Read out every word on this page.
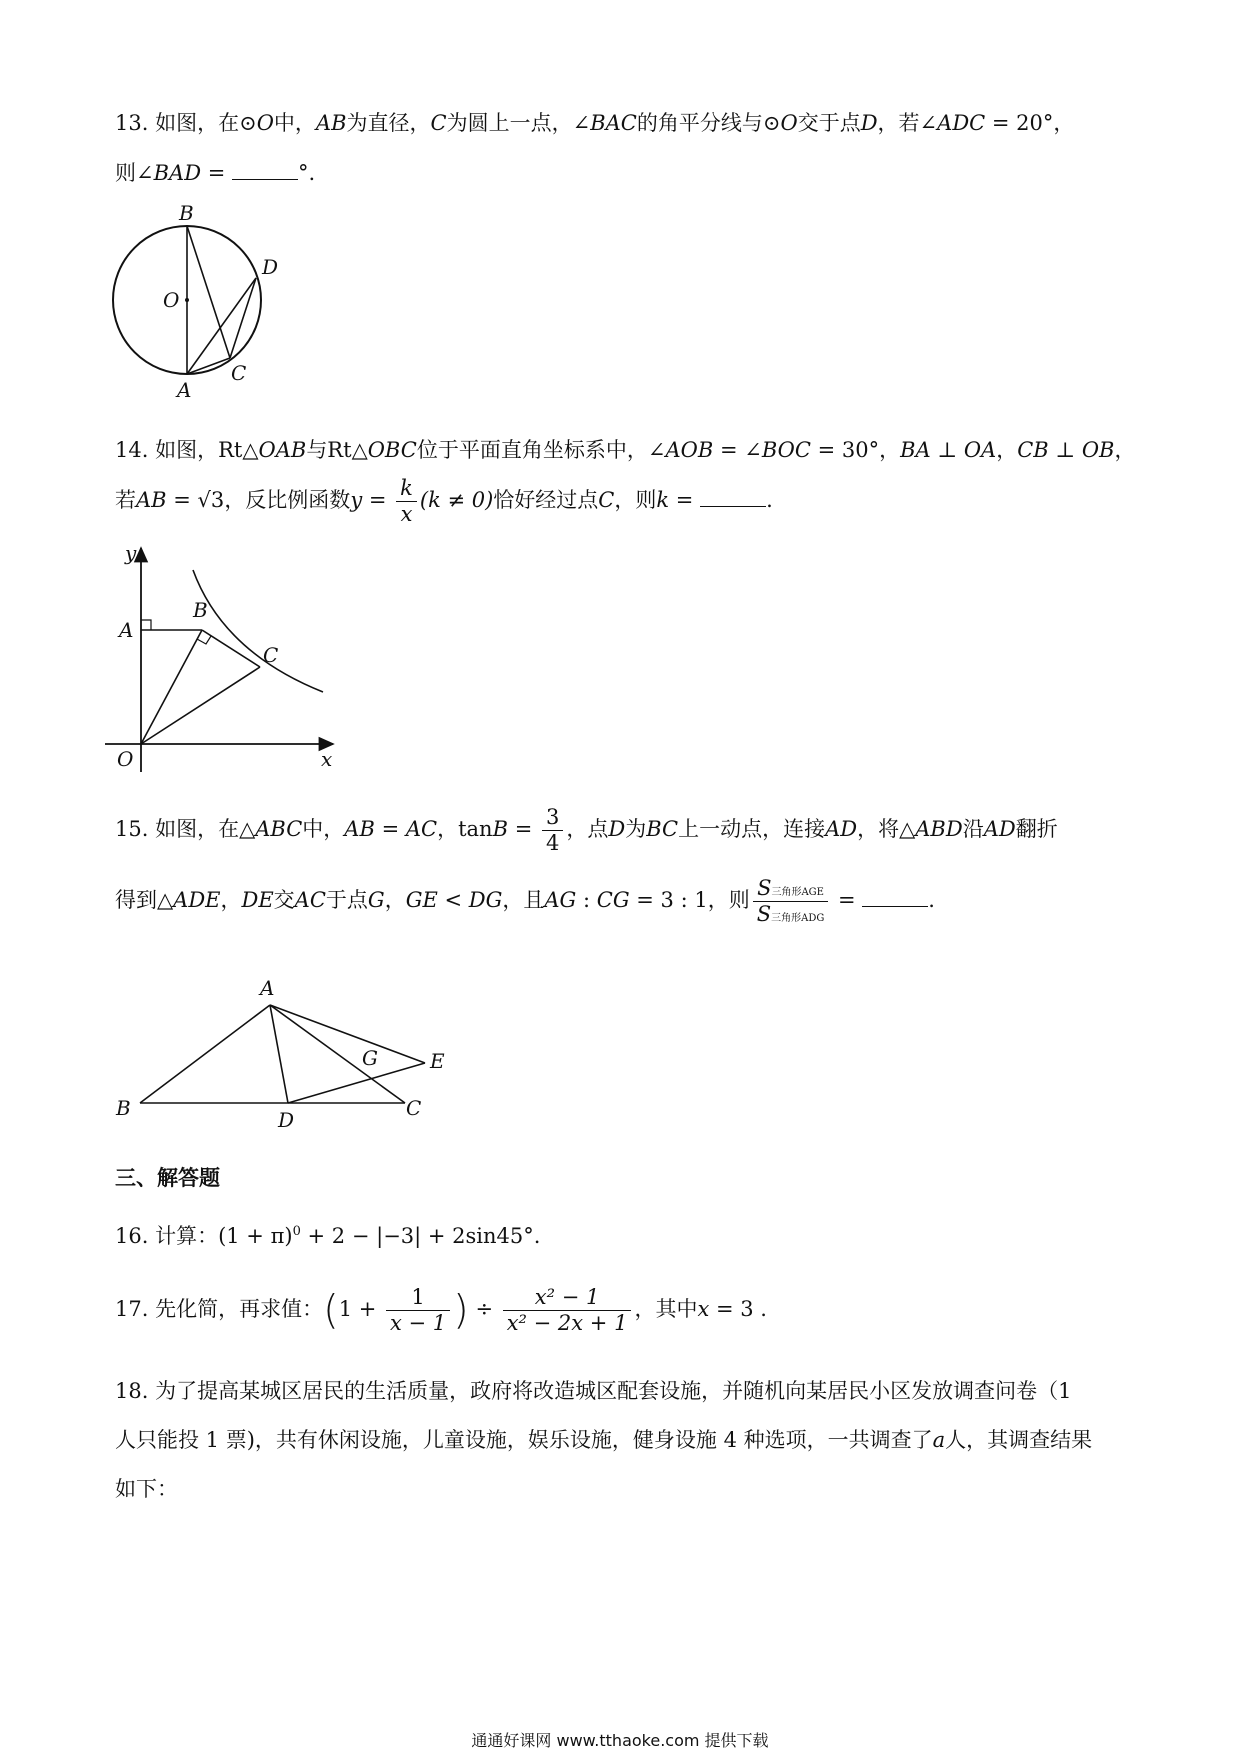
13. 如图，在⊙O中，AB为直径，C为圆上一点，∠BAC的角平分线与⊙O交于点D，若∠ADC = 20°，
则∠BAD =	°.
B
D
O
C
A
14. 如图，Rt△OAB与Rt△OBC位于平面直角坐标系中，∠AOB = ∠BOC = 30°，BA ⊥ OA，CB ⊥ OB，
若AB = √3，反比例函数$y = \frac{k}{x} (k \ne 0)$恰好经过点C，则k =	.
y
x
O
A
B
C
15. 如图，在△ABC中，AB = AC，$\tan B = \frac{3}{4}$ ，点D为BC上一动点，连接AD，将△ABD沿AD翻折
得到△ADE，DE交AC于点G，GE < DG，且AG : CG = 3 : 1，则 $\frac{\text{S三角形AGE}}{\text{S三角形ADG}}$ =	.
A
B	D	C
G	E
三、解答题
16. 计算：$(1 + \pi)^0 + 2 - |-3| + 2\sin 45^\circ$.
17. 先化简，再求值：($1 + \frac{1}{x - 1}$ ) ÷ $\frac{\text{x² − 1}}{\text{x² − 2x + 1}}$ ，其中x = 3 .
18. 为了提高某城区居民的生活质量，政府将改造城区配套设施，并随机向某居民小区发放调查问卷（1
人只能投 1 票)，共有休闲设施，儿童设施，娱乐设施，健身设施 4 种选项，一共调查了a人，其调查结果
如下：
通通好课网 www.tthaoke.com 提供下载
